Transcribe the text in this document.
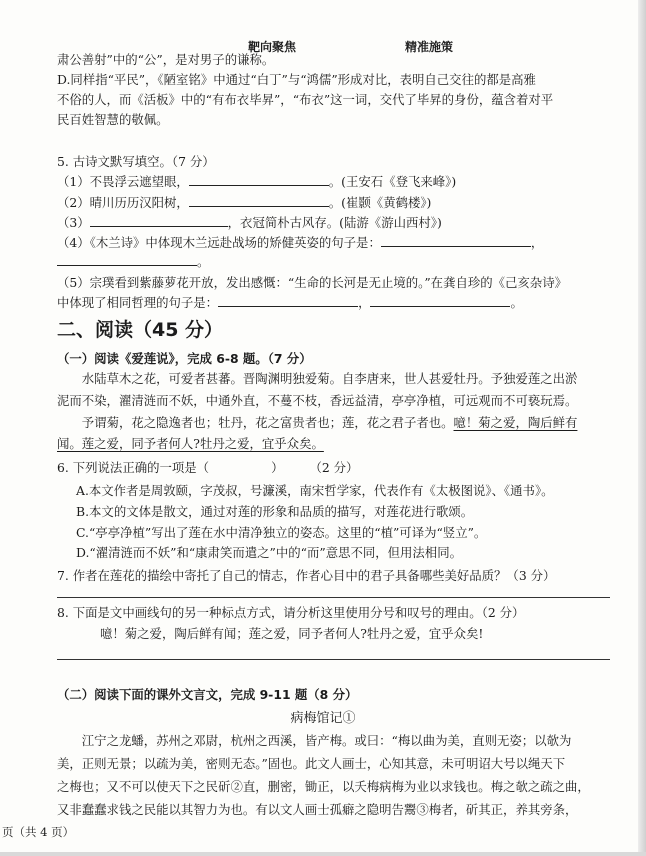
靶向聚焦	精准施策
肃公善射”中的“公”，是对男子的谦称。
D.同样指“平民”，《陋室铭》中通过“白丁”与“鸿儒”形成对比，表明自己交往的都是高雅
不俗的人，而《活板》中的“有布衣毕昇”，“布衣”这一词，交代了毕昇的身份，蕴含着对平
民百姓智慧的敬佩。
5. 古诗文默写填空。（7 分）
（1）不畏浮云遮望眼，	。(王安石《登飞来峰》)
（2）晴川历历汉阳树，	。(崔颢《黄鹤楼》)
（3）	，衣冠简朴古风存。(陆游《游山西村》)
（4）《木兰诗》中体现木兰远赴战场的矫健英姿的句子是：	，
。
（5）宗璞看到紫藤萝花开放，发出感慨：“生命的长河是无止境的。”在龚自珍的《己亥杂诗》
中体现了相同哲理的句子是：	，	。
二、阅读（45 分）
（一）阅读《爱莲说》，完成 6-8 题。（7 分）
水陆草木之花，可爱者甚蕃。晋陶渊明独爱菊。自李唐来，世人甚爱牡丹。予独爱莲之出淤
泥而不染，濯清涟而不妖，中通外直，不蔓不枝，香远益清，亭亭净植，可远观而不可亵玩焉。
予谓菊，花之隐逸者也；牡丹，花之富贵者也；莲，花之君子者也。噫！菊之爱，陶后鲜有
闻。莲之爱，同予者何人?牡丹之爱，宜乎众矣。
6. 下列说法正确的一项是（	） （2 分）
A.本文作者是周敦颐，字茂叔，号濂溪，南宋哲学家，代表作有《太极图说》、《通书》。
B.本文的文体是散文，通过对莲的形象和品质的描写，对莲花进行歌颂。
C.“亭亭净植”写出了莲在水中清净独立的姿态。这里的“植”可译为“竖立”。
D.“濯清涟而不妖”和“康肃笑而遣之”中的“而”意思不同，但用法相同。
7. 作者在莲花的描绘中寄托了自己的情志，作者心目中的君子具备哪些美好品质？（3 分）
8. 下面是文中画线句的另一种标点方式，请分析这里使用分号和叹号的理由。（2 分）
噫！菊之爱，陶后鲜有闻；莲之爱，同予者何人?牡丹之爱，宜乎众矣!
（二）阅读下面的课外文言文，完成 9-11 题（8 分）
病梅馆记①
江宁之龙蟠，苏州之邓尉，杭州之西溪，皆产梅。或曰：“梅以曲为美，直则无姿；以欹为
美，正则无景；以疏为美，密则无态。”固也。此文人画士，心知其意，未可明诏大号以绳天下
之梅也；又不可以使天下之民斫②直，删密，锄正，以夭梅病梅为业以求钱也。梅之欹之疏之曲，
又非蠢蠢求钱之民能以其智力为也。有以文人画士孤癖之隐明告鬻③梅者，斫其正，养其旁条，
页（共 4 页）
